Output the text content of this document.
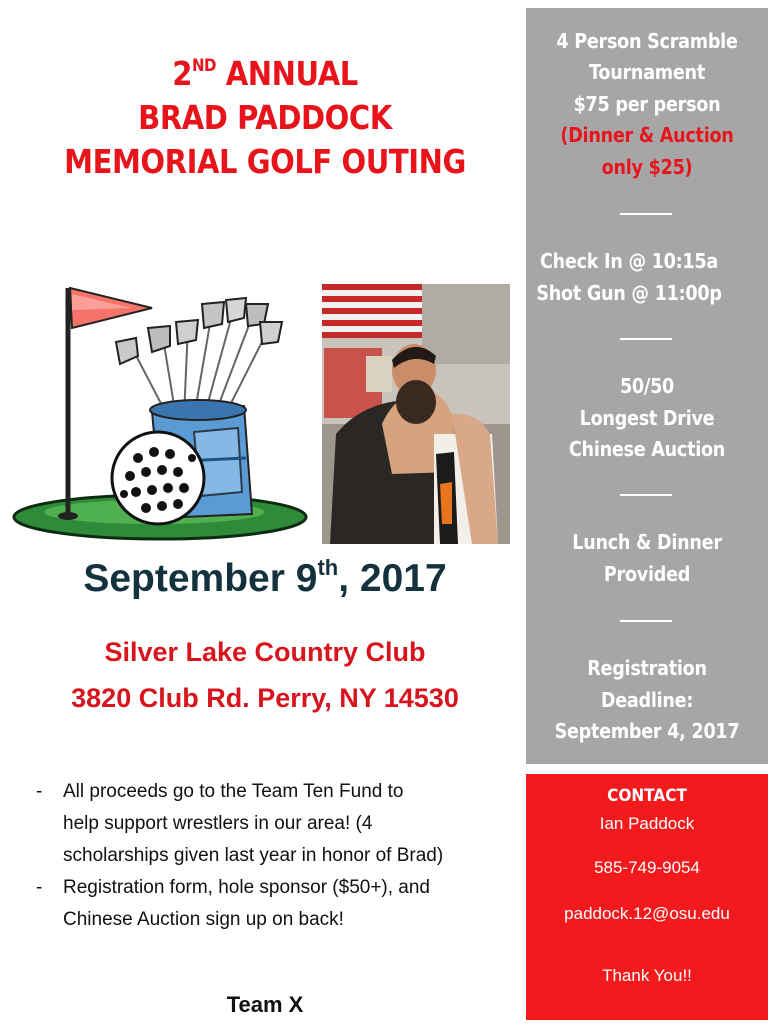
2ND ANNUAL
BRAD PADDOCK
MEMORIAL GOLF OUTING
September 9th, 2017
Silver Lake Country Club
3820 Club Rd. Perry, NY 14530
- All proceeds go to the Team Ten Fund to
help support wrestlers in our area! (4
scholarships given last year in honor of Brad)
- Registration form, hole sponsor ($50+), and
Chinese Auction sign up on back!
Team X
4 Person Scramble
Tournament
$75 per person
(Dinner & Auction
only $25)
Check In @ 10:15a
Shot Gun @ 11:00p
50/50
Longest Drive
Chinese Auction
Lunch & Dinner
Provided
Registration
Deadline:
September 4, 2017
CONTACT
Ian Paddock
585-749-9054
paddock.12@osu.edu
Thank You!!
